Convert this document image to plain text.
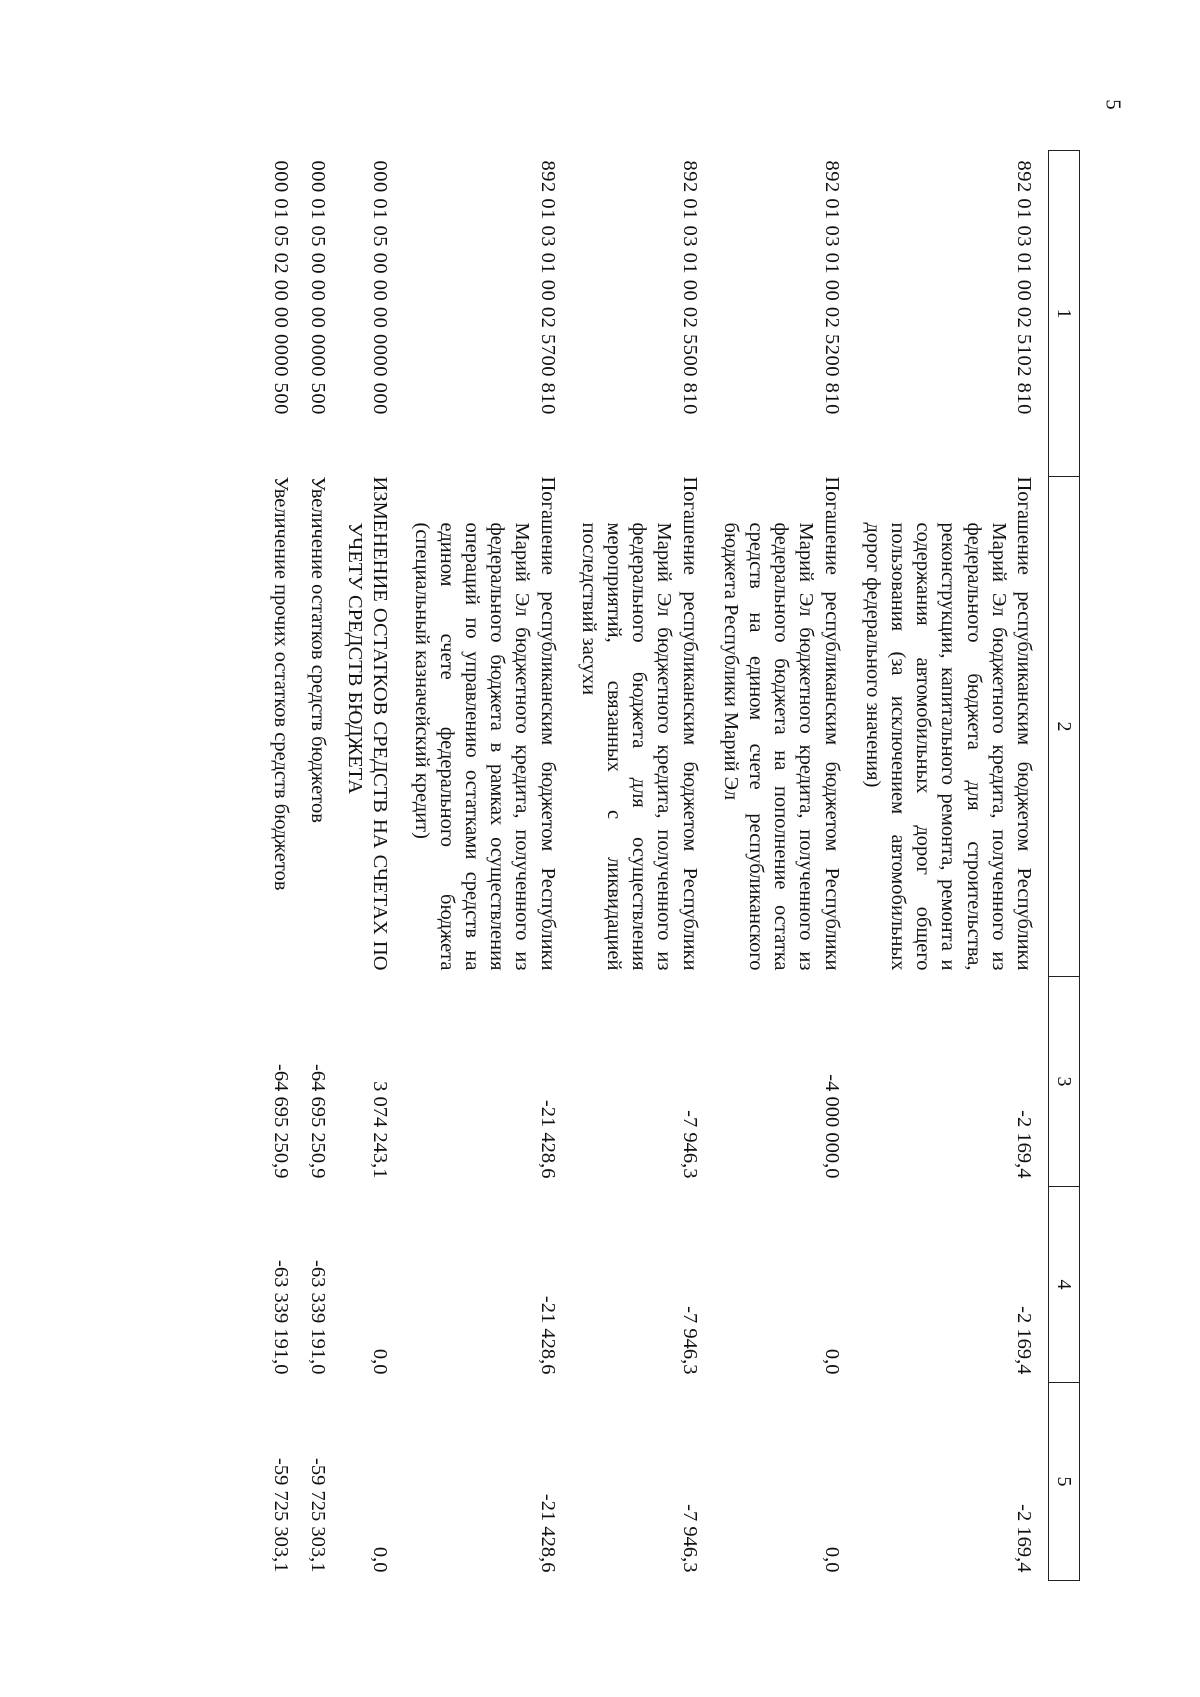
5
1	2	3	4	5
892 01 03 01 00 02 5102 810	Погашение республиканским бюджетом Республики Марий Эл бюджетного кредита, полученного из федерального бюджета для строительства, реконструкции, капитального ремонта, ремонта и содержания автомобильных дорог общего пользования (за исключением автомобильных дорог федерального значения)	-2 169,4	-2 169,4	-2 169,4
892 01 03 01 00 02 5200 810	Погашение республиканским бюджетом Республики Марий Эл бюджетного кредита, полученного из федерального бюджета на пополнение остатка средств на едином счете республиканского бюджета Республики Марий Эл	-4 000 000,0	0,0	0,0
892 01 03 01 00 02 5500 810	Погашение республиканским бюджетом Республики Марий Эл бюджетного кредита, полученного из федерального бюджета для осуществления мероприятий, связанных с ликвидацией последствий засухи	-7 946,3	-7 946,3	-7 946,3
892 01 03 01 00 02 5700 810	Погашение республиканским бюджетом Республики Марий Эл бюджетного кредита, полученного из федерального бюджета в рамках осуществления операций по управлению остатками средств на едином счете федерального бюджета (специальный казначейский кредит)	-21 428,6	-21 428,6	-21 428,6
000 01 05 00 00 00 0000 000	ИЗМЕНЕНИЕ ОСТАТКОВ СРЕДСТВ НА СЧЕТАХ ПО УЧЕТУ СРЕДСТВ БЮДЖЕТА	3 074 243,1	0,0	0,0
000 01 05 00 00 00 0000 500	Увеличение остатков средств бюджетов	-64 695 250,9	-63 339 191,0	-59 725 303,1
000 01 05 02 00 00 0000 500	Увеличение прочих остатков средств бюджетов	-64 695 250,9	-63 339 191,0	-59 725 303,1
